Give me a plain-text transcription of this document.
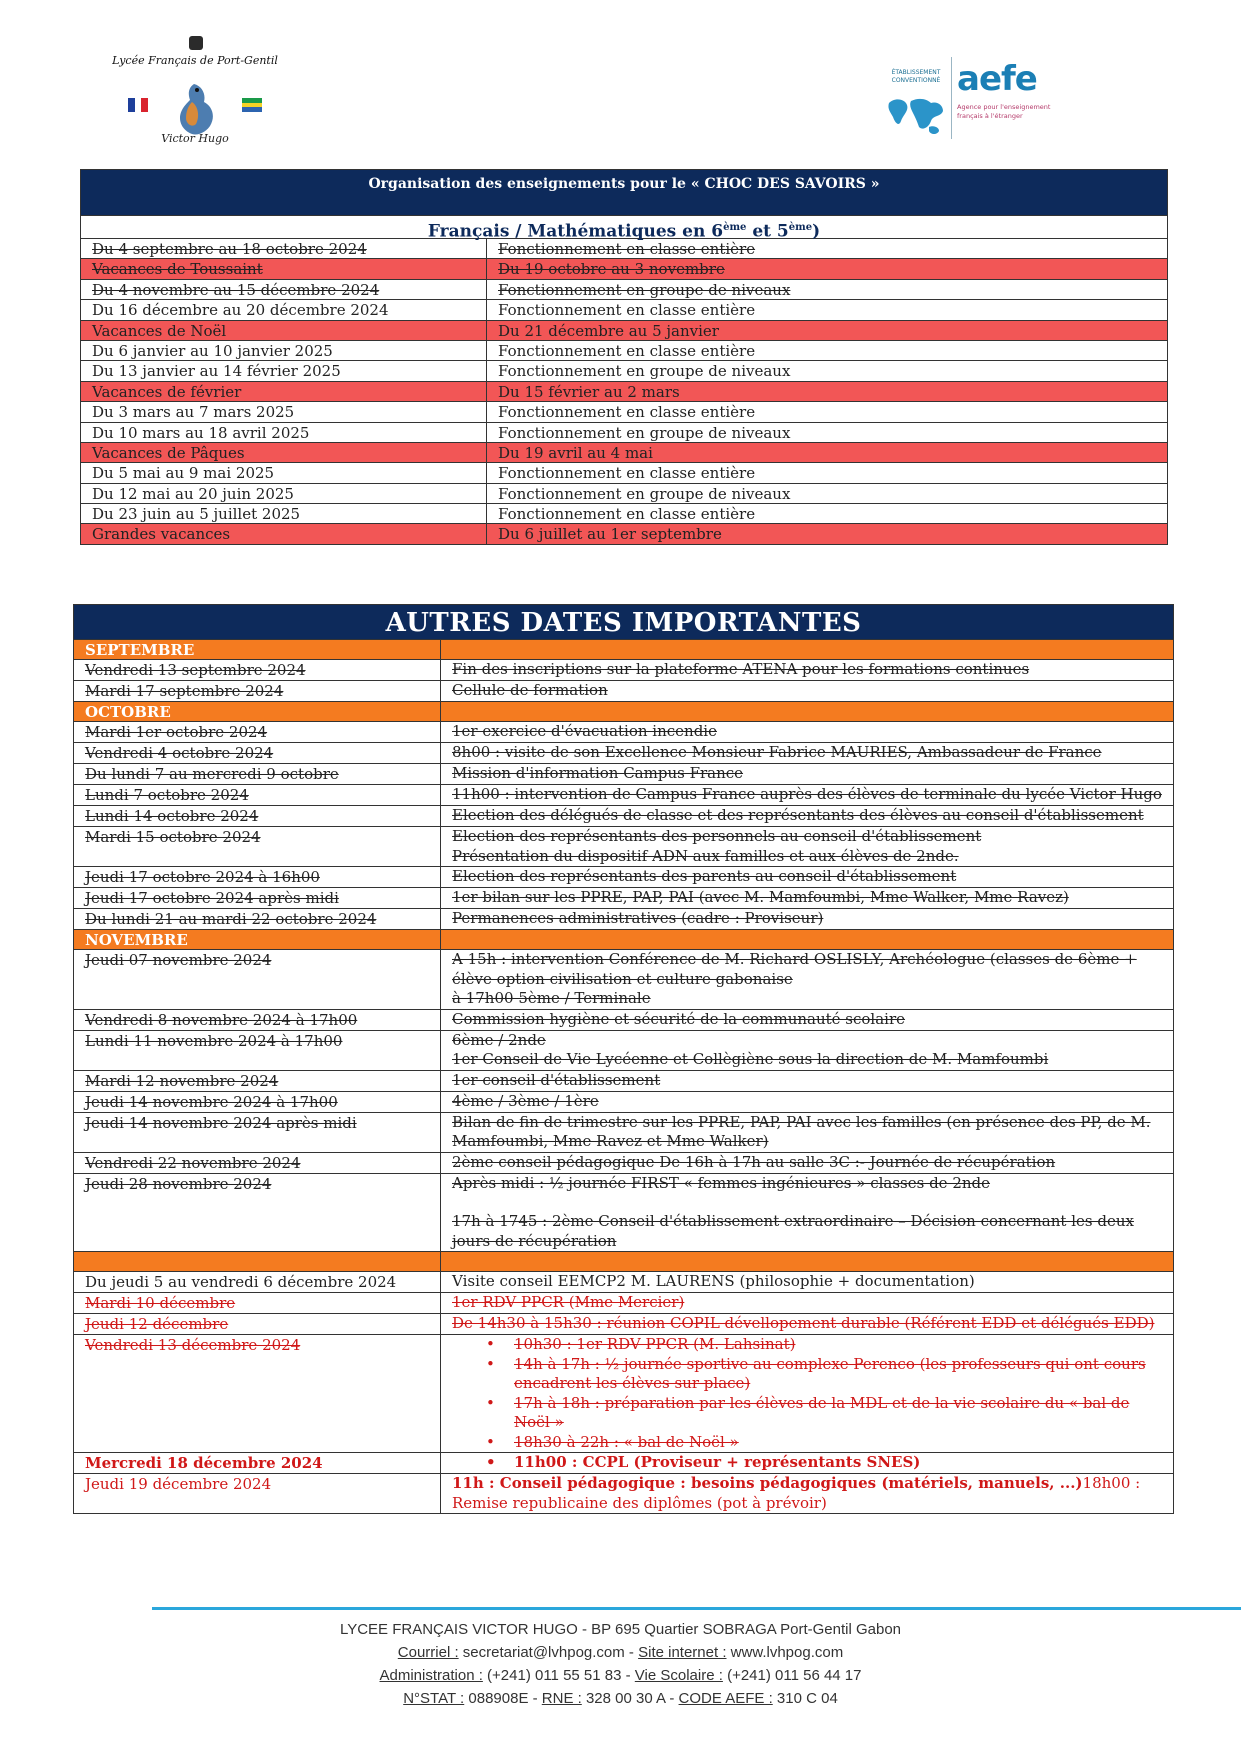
Lycée Français de Port-Gentil
Victor Hugo
ÉTABLISSEMENT CONVENTIONNÉ aefe
Agence pour l'enseignement français à l'étranger
Organisation des enseignements pour le « CHOC DES SAVOIRS »
Français / Mathématiques en 6ème et 5ème)
Du 4 septembre au 18 octobre 2024	Fonctionnement en classe entière
Vacances de Toussaint	Du 19 octobre au 3 novembre
Du 4 novembre au 15 décembre 2024	Fonctionnement en groupe de niveaux
Du 16 décembre au 20 décembre 2024	Fonctionnement en classe entière
Vacances de Noël	Du 21 décembre au 5 janvier
Du 6 janvier au 10 janvier 2025	Fonctionnement en classe entière
Du 13 janvier au 14 février 2025	Fonctionnement en groupe de niveaux
Vacances de février	Du 15 février au 2 mars
Du 3 mars au 7 mars 2025	Fonctionnement en classe entière
Du 10 mars au 18 avril 2025	Fonctionnement en groupe de niveaux
Vacances de Pâques	Du 19 avril au 4 mai
Du 5 mai au 9 mai 2025	Fonctionnement en classe entière
Du 12 mai au 20 juin 2025	Fonctionnement en groupe de niveaux
Du 23 juin au 5 juillet 2025	Fonctionnement en classe entière
Grandes vacances	Du 6 juillet au 1er septembre
AUTRES DATES IMPORTANTES
SEPTEMBRE
Vendredi 13 septembre 2024	Fin des inscriptions sur la plateforme ATENA pour les formations continues
Mardi 17 septembre 2024	Cellule de formation
OCTOBRE
Mardi 1er octobre 2024	1er exercice d'évacuation incendie
Vendredi 4 octobre 2024	8h00 : visite de son Excellence Monsieur Fabrice MAURIES, Ambassadeur de France
Du lundi 7 au mercredi 9 octobre	Mission d'information Campus France
Lundi 7 octobre 2024	11h00 : intervention de Campus France auprès des élèves de terminale du lycée Victor Hugo
Lundi 14 octobre 2024	Election des délégués de classe et des représentants des élèves au conseil d'établissement
Mardi 15 octobre 2024	Election des représentants des personnels au conseil d'établissement
Présentation du dispositif ADN aux familles et aux élèves de 2nde.
Jeudi 17 octobre 2024 à 16h00	Election des représentants des parents au conseil d'établissement
Jeudi 17 octobre 2024 après midi	1er bilan sur les PPRE, PAP, PAI (avec M. Mamfoumbi, Mme Walker, Mme Ravez)
Du lundi 21 au mardi 22 octobre 2024	Permanences administratives (cadre : Proviseur)
NOVEMBRE
Jeudi 07 novembre 2024	A 15h : intervention Conférence de M. Richard OSLISLY, Archéologue (classes de 6ème + élève option civilisation et culture gabonaise
à 17h00 5ème / Terminale
Vendredi 8 novembre 2024 à 17h00	Commission hygiène et sécurité de la communauté scolaire
Lundi 11 novembre 2024 à 17h00	6ème / 2nde
1er Conseil de Vie Lycéenne et Collègiène sous la direction de M. Mamfoumbi
Mardi 12 novembre 2024	1er conseil d'établissement
Jeudi 14 novembre 2024 à 17h00	4ème / 3ème / 1ère
Jeudi 14 novembre 2024 après midi	Bilan de fin de trimestre sur les PPRE, PAP, PAI avec les familles (en présence des PP, de M. Mamfoumbi, Mme Ravez et Mme Walker)
Vendredi 22 novembre 2024	2ème conseil pédagogique De 16h à 17h au salle 3C :- Journée de récupération
Jeudi 28 novembre 2024	Après midi : ½ journée FIRST « femmes ingénieures » classes de 2nde
17h à 1745 : 2ème Conseil d'établissement extraordinaire – Décision concernant les deux jours de récupération
Du jeudi 5 au vendredi 6 décembre 2024	Visite conseil EEMCP2 M. LAURENS (philosophie + documentation)
Mardi 10 décembre	1er RDV PPCR (Mme Mercier)
Jeudi 12 décembre	De 14h30 à 15h30 : réunion COPIL dévellopement durable (Référent EDD et délégués EDD)
Vendredi 13 décembre 2024	• 10h30 : 1er RDV PPCR (M. Lahsinat)
• 14h à 17h : ½ journée sportive au complexe Perenco (les professeurs qui ont cours encadrent les élèves sur place)
• 17h à 18h : préparation par les élèves de la MDL et de la vie scolaire du « bal de Noël »
• 18h30 à 22h : « bal de Noël »
Mercredi 18 décembre 2024	• 11h00 : CCPL (Proviseur + représentants SNES)
Jeudi 19 décembre 2024	11h : Conseil pédagogique : besoins pédagogiques (matériels, manuels, ...)18h00 : Remise republicaine des diplômes (pot à prévoir)
LYCEE FRANÇAIS VICTOR HUGO - BP 695 Quartier SOBRAGA Port-Gentil Gabon
Courriel : secretariat@lvhpog.com - Site internet : www.lvhpog.com
Administration : (+241) 011 55 51 83 - Vie Scolaire : (+241) 011 56 44 17
N°STAT : 088908E - RNE : 328 00 30 A - CODE AEFE : 310 C 04
